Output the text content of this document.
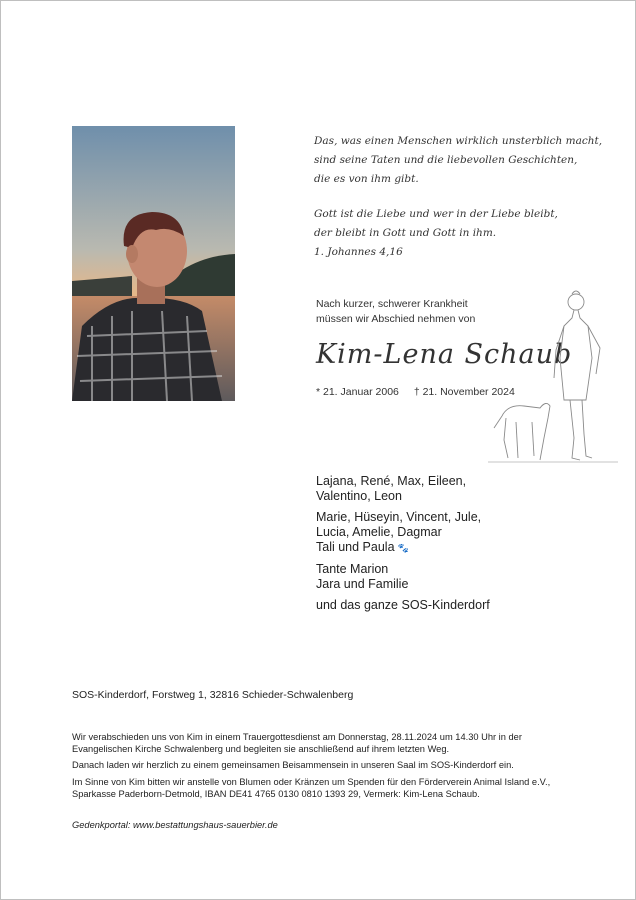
Das, was einen Menschen wirklich unsterblich macht,

sind seine Taten und die liebevollen Geschichten,

die es von ihm gibt.

Gott ist die Liebe und wer in der Liebe bleibt,

der bleibt in Gott und Gott in ihm.

1. Johannes 4,16

Nach kurzer, schwerer Krankheit
müssen wir Abschied nehmen von
Kim-Lena Schaub
* 21. Januar 2006 † 21. November 2024
Lajana, René, Max, Eileen,
Valentino, Leon
Marie, Hüseyin, Vincent, Jule,
Lucia, Amelie, Dagmar
Tali und Paula 🐾
Tante Marion
Jara und Familie
und das ganze SOS-Kinderdorf
SOS-Kinderdorf, Forstweg 1, 32816 Schieder-Schwalenberg

Wir verabschieden uns von Kim in einem Trauergottesdienst am Donnerstag, 28.11.2024 um 14.30 Uhr in der Evangelischen Kirche Schwalenberg und begleiten sie anschließend auf ihrem letzten Weg.

Danach laden wir herzlich zu einem gemeinsamen Beisammensein in unseren Saal im SOS-Kinderdorf ein.

Im Sinne von Kim bitten wir anstelle von Blumen oder Kränzen um Spenden für den Förderverein Animal Island e.V., Sparkasse Paderborn-Detmold, IBAN DE41 4765 0130 0810 1393 29, Vermerk: Kim-Lena Schaub.

Gedenkportal: www.bestattungshaus-sauerbier.de
